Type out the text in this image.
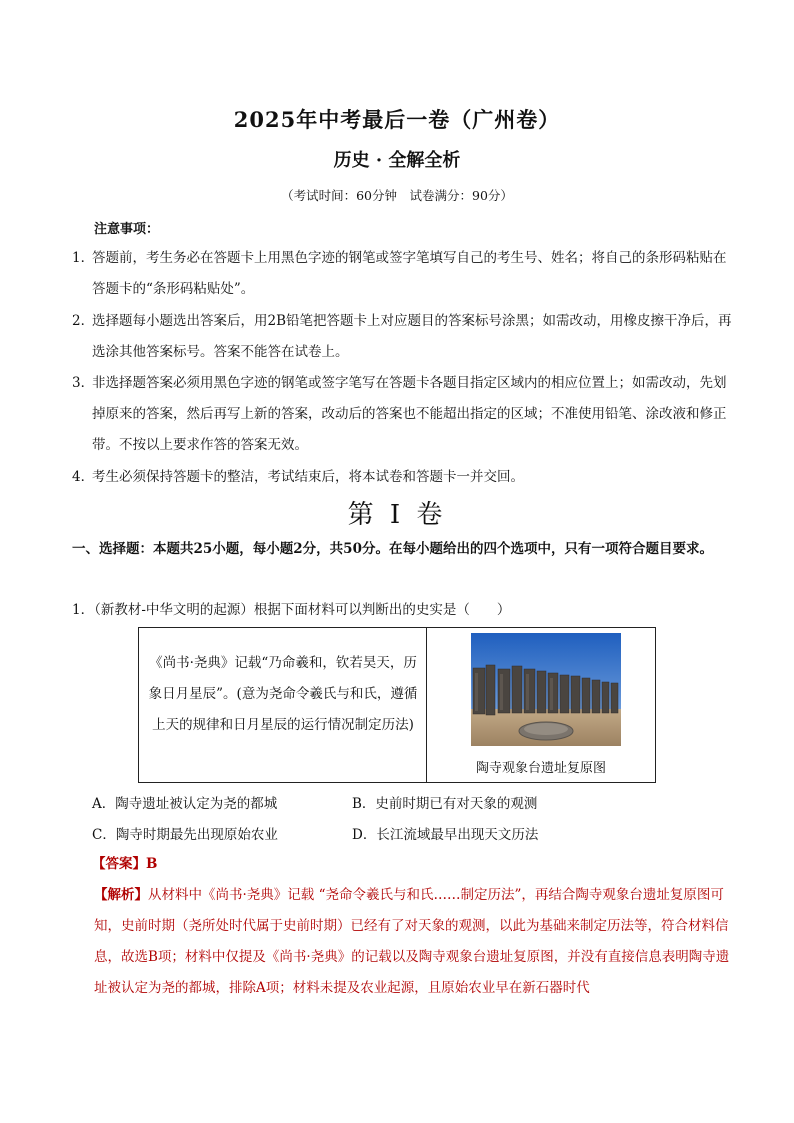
2025年中考最后一卷（广州卷）
历史 · 全解全析
（考试时间：60分钟　试卷满分：90分）
注意事项：
1．
答题前，考生务必在答题卡上用黑色字迹的钢笔或签字笔填写自己的考生号、姓名；将自己的条形码粘贴在答题卡的“条形码粘贴处”。
2．
选择题每小题选出答案后，用2B铅笔把答题卡上对应题目的答案标号涂黑；如需改动，用橡皮擦干净后，再选涂其他答案标号。答案不能答在试卷上。
3．
非选择题答案必须用黑色字迹的钢笔或签字笔写在答题卡各题目指定区域内的相应位置上；如需改动，先划掉原来的答案，然后再写上新的答案，改动后的答案也不能超出指定的区域；不准使用铅笔、涂改液和修正带。不按以上要求作答的答案无效。
4．
考生必须保持答题卡的整洁，考试结束后，将本试卷和答题卡一并交回。
第 I 卷
一、选择题：本题共25小题，每小题2分，共50分。在每小题给出的四个选项中，只有一项符合题目要求。
1．（新教材-中华文明的起源）根据下面材料可以判断出的史实是（　　）
《尚书·尧典》记载“乃命羲和，钦若昊天，历象日月星辰”。(意为尧命令羲氏与和氏，遵循上天的规律和日月星辰的运行情况制定历法)
陶寺观象台遗址复原图
A．陶寺遗址被认定为尧的都城	B．史前时期已有对天象的观测
C．陶寺时期最先出现原始农业	D．长江流域最早出现天文历法
【答案】B
【解析】从材料中《尚书·尧典》记载 “尧命令羲氏与和氏……制定历法”，再结合陶寺观象台遗址复原图可知，史前时期（尧所处时代属于史前时期）已经有了对天象的观测，以此为基础来制定历法等，符合材料信息，故选B项；材料中仅提及《尚书·尧典》的记载以及陶寺观象台遗址复原图，并没有直接信息表明陶寺遗址被认定为尧的都城，排除A项；材料未提及农业起源，且原始农业早在新石器时代
